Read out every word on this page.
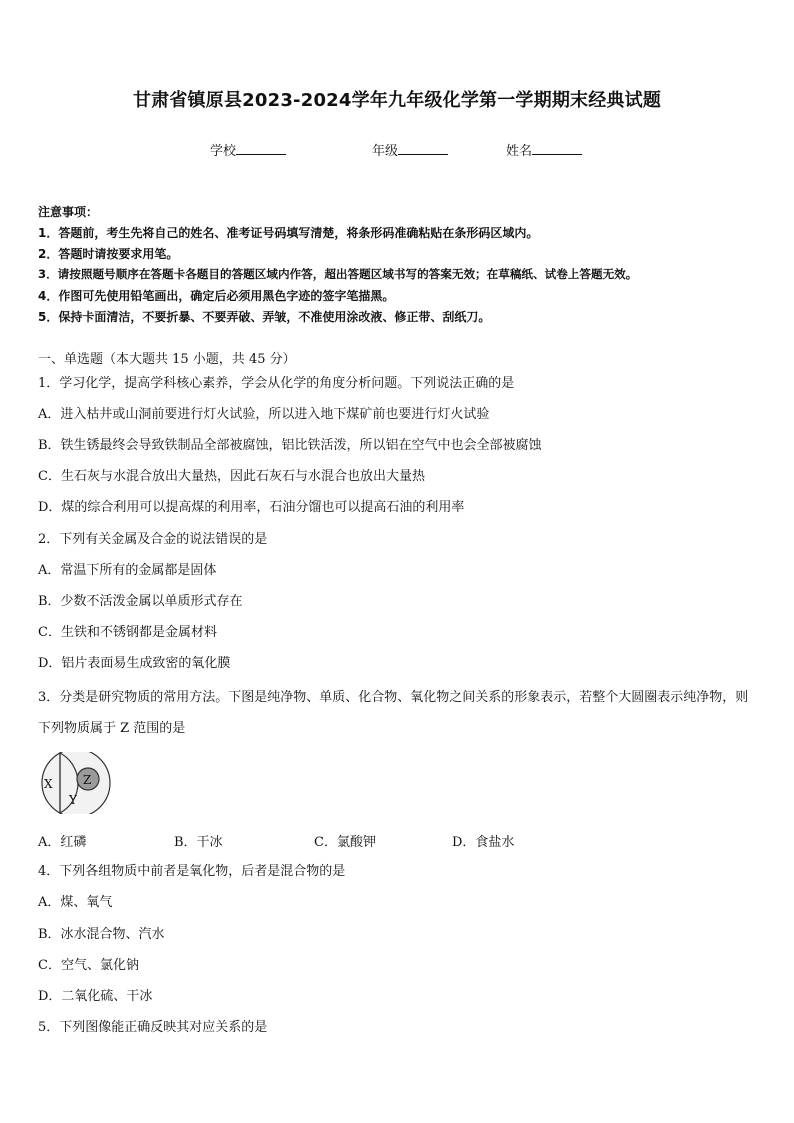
甘肃省镇原县2023-2024学年九年级化学第一学期期末经典试题
学校	年级	姓名
注意事项：
1．答题前，考生先将自己的姓名、准考证号码填写清楚，将条形码准确粘贴在条形码区域内。
2．答题时请按要求用笔。
3．请按照题号顺序在答题卡各题目的答题区域内作答，超出答题区域书写的答案无效；在草稿纸、试卷上答题无效。
4．作图可先使用铅笔画出，确定后必须用黑色字迹的签字笔描黑。
5．保持卡面清洁，不要折暴、不要弄破、弄皱，不准使用涂改液、修正带、刮纸刀。
一、单选题（本大题共 15 小题，共 45 分）
1．学习化学，提高学科核心素养，学会从化学的角度分析问题。下列说法正确的是
A．进入枯井或山洞前要进行灯火试验，所以进入地下煤矿前也要进行灯火试验
B．铁生锈最终会导致铁制品全部被腐蚀，铝比铁活泼，所以铝在空气中也会全部被腐蚀
C．生石灰与水混合放出大量热，因此石灰石与水混合也放出大量热
D．煤的综合利用可以提高煤的利用率，石油分馏也可以提高石油的利用率
2．下列有关金属及合金的说法错误的是
A．常温下所有的金属都是固体
B．少数不活泼金属以单质形式存在
C．生铁和不锈钢都是金属材料
D．铝片表面易生成致密的氧化膜
3．分类是研究物质的常用方法。下图是纯净物、单质、化合物、氧化物之间关系的形象表示，若整个大圆圈表示纯净物，则下列物质属于 Z 范围的是
X
Y
Z
A．红磷	B．干冰	C．氯酸钾	D．食盐水
4．下列各组物质中前者是氧化物，后者是混合物的是
A．煤、氧气
B．冰水混合物、汽水
C．空气、氯化钠
D．二氧化硫、干冰
5．下列图像能正确反映其对应关系的是
